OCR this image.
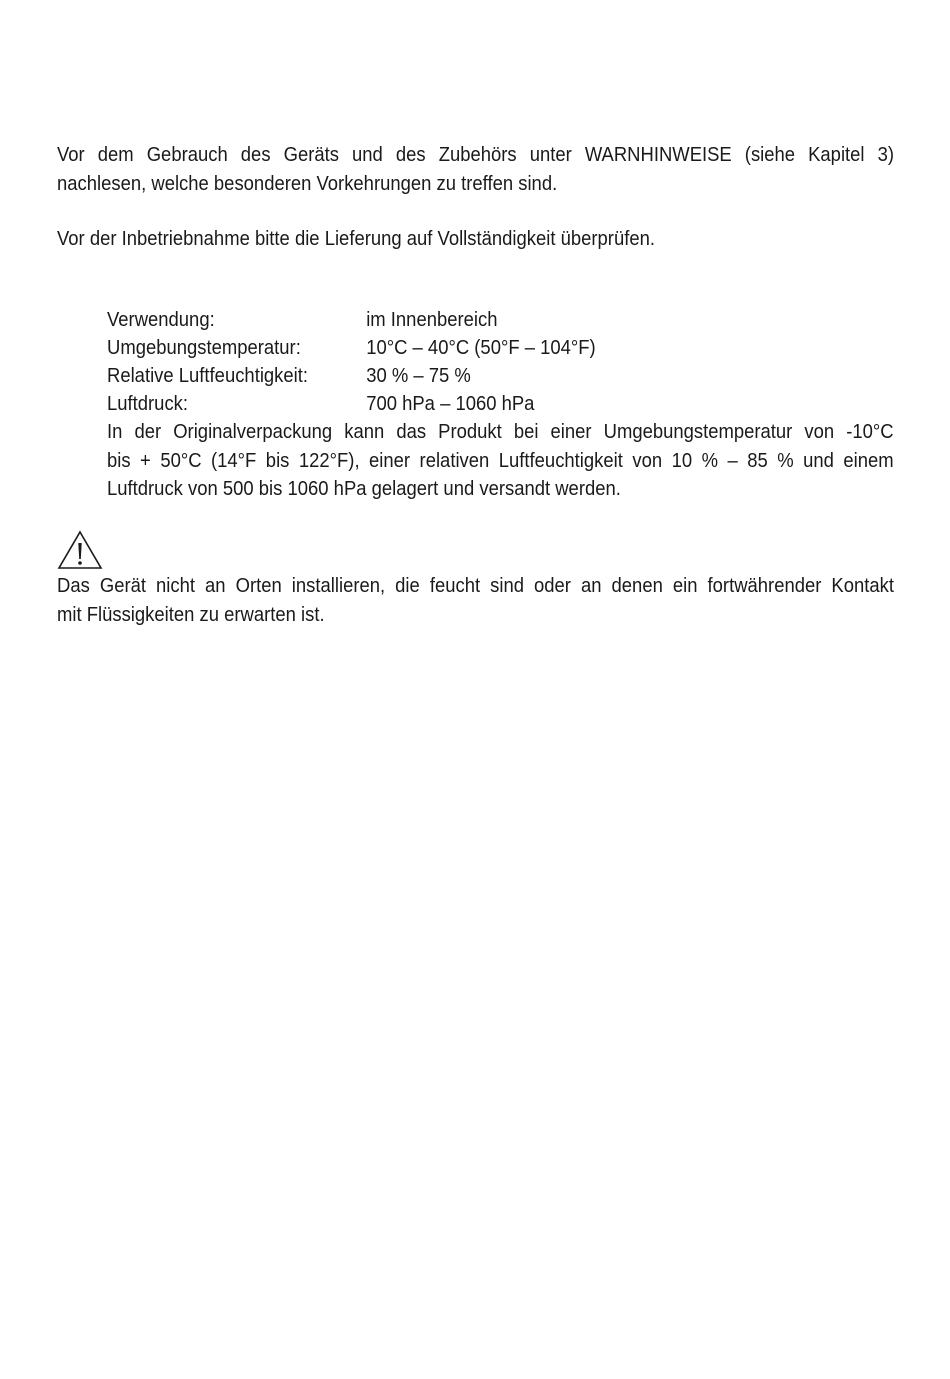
Vor dem Gebrauch des Geräts und des Zubehörs unter WARNHINWEISE (siehe Kapitel 3)
nachlesen, welche besonderen Vorkehrungen zu treffen sind.
Vor der Inbetriebnahme bitte die Lieferung auf Vollständigkeit überprüfen.
Verwendung:	im Innenbereich
Umgebungstemperatur:	10°C – 40°C (50°F – 104°F)
Relative Luftfeuchtigkeit:	30 % – 75 %
Luftdruck:	700 hPa – 1060 hPa
In der Originalverpackung kann das Produkt bei einer Umgebungstemperatur von -10°C
bis + 50°C (14°F bis 122°F), einer relativen Luftfeuchtigkeit von 10 % – 85 % und einem
Luftdruck von 500 bis 1060 hPa gelagert und versandt werden.
Das Gerät nicht an Orten installieren, die feucht sind oder an denen ein fortwährender Kontakt
mit Flüssigkeiten zu erwarten ist.
